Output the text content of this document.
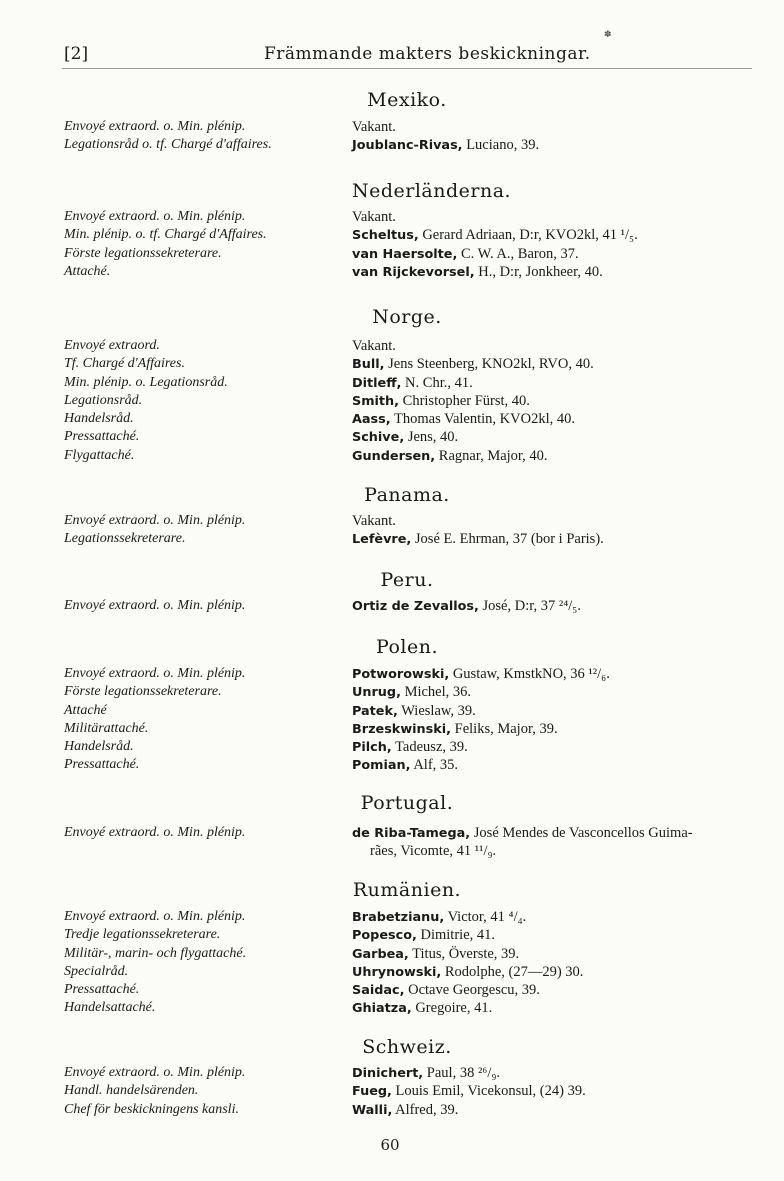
[2]	Främmande makters beskickningar.
✽
Mexiko.
Envoyé extraord. o. Min. plénip.	Vakant.
Legationsråd o. tf. Chargé d'affaires.	Joublanc-Rivas, Luciano, 39.
Nederländerna.
Envoyé extraord. o. Min. plénip.	Vakant.
Min. plénip. o. tf. Chargé d'Affaires.	Scheltus, Gerard Adriaan, D:r, KVO2kl, 41 ¹/₅.
Förste legationssekreterare.	van Haersolte, C. W. A., Baron, 37.
Attaché.	van Rijckevorsel, H., D:r, Jonkheer, 40.
Norge.
Envoyé extraord.	Vakant.
Tf. Chargé d'Affaires.	Bull, Jens Steenberg, KNO2kl, RVO, 40.
Min. plénip. o. Legationsråd.	Ditleff, N. Chr., 41.
Legationsråd.	Smith, Christopher Fürst, 40.
Handelsråd.	Aass, Thomas Valentin, KVO2kl, 40.
Pressattaché.	Schive, Jens, 40.
Flygattaché.	Gundersen, Ragnar, Major, 40.
Panama.
Envoyé extraord. o. Min. plénip.	Vakant.
Legationssekreterare.	Lefèvre, José E. Ehrman, 37 (bor i Paris).
Peru.
Envoyé extraord. o. Min. plénip.	Ortiz de Zevallos, José, D:r, 37 ²⁴/₅.
Polen.
Envoyé extraord. o. Min. plénip.	Potworowski, Gustaw, KmstkNO, 36 ¹²/₆.
Förste legationssekreterare.	Unrug, Michel, 36.
Attaché	Patek, Wieslaw, 39.
Militärattaché.	Brzeskwinski, Feliks, Major, 39.
Handelsråd.	Pilch, Tadeusz, 39.
Pressattaché.	Pomian, Alf, 35.
Portugal.
Envoyé extraord. o. Min. plénip.	de Riba-Tamega, José Mendes de Vasconcellos Guima-
rães, Vicomte, 41 ¹¹/₉.
Rumänien.
Envoyé extraord. o. Min. plénip.	Brabetzianu, Victor, 41 ⁴/₄.
Tredje legationssekreterare.	Popesco, Dimitrie, 41.
Militär-, marin- och flygattaché.	Garbea, Titus, Överste, 39.
Specialråd.	Uhrynowski, Rodolphe, (27—29) 30.
Pressattaché.	Saidac, Octave Georgescu, 39.
Handelsattaché.	Ghiatza, Gregoire, 41.
Schweiz.
Envoyé extraord. o. Min. plénip.	Dinichert, Paul, 38 ²⁶/₉.
Handl. handelsärenden.	Fueg, Louis Emil, Vicekonsul, (24) 39.
Chef för beskickningens kansli.	Walli, Alfred, 39.
60
